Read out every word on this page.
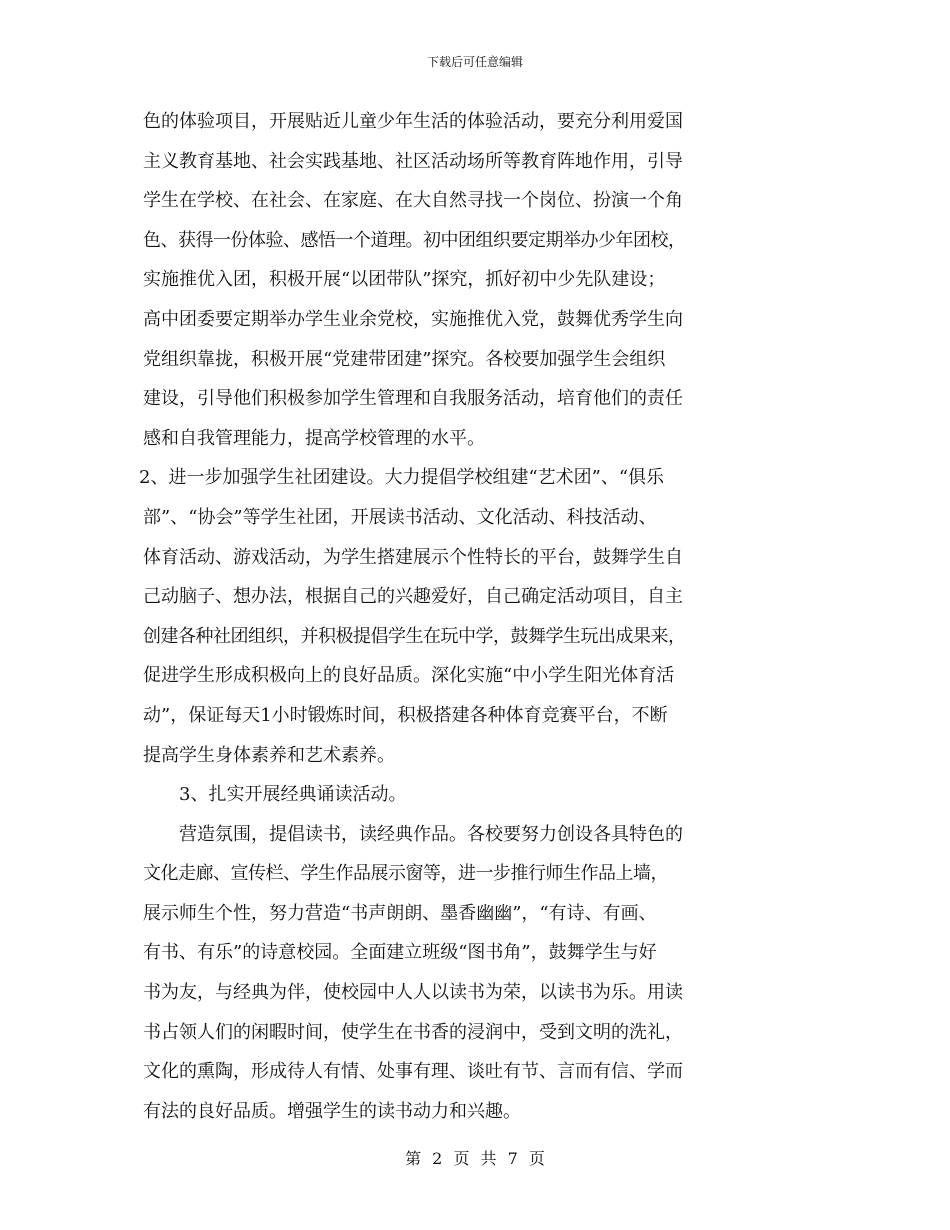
下载后可任意编辑
色的体验项目，开展贴近儿童少年生活的体验活动，要充分利用爱国
主义教育基地、社会实践基地、社区活动场所等教育阵地作用，引导
学生在学校、在社会、在家庭、在大自然寻找一个岗位、扮演一个角
色、获得一份体验、感悟一个道理。初中团组织要定期举办少年团校，
实施推优入团，积极开展“以团带队”探究，抓好初中少先队建设；
高中团委要定期举办学生业余党校，实施推优入党，鼓舞优秀学生向
党组织靠拢，积极开展“党建带团建”探究。各校要加强学生会组织
建设，引导他们积极参加学生管理和自我服务活动，培育他们的责任
感和自我管理能力，提高学校管理的水平。
2、进一步加强学生社团建设。大力提倡学校组建“艺术团”、“俱乐
部”、“协会”等学生社团，开展读书活动、文化活动、科技活动、
体育活动、游戏活动，为学生搭建展示个性特长的平台，鼓舞学生自
己动脑子、想办法，根据自己的兴趣爱好，自己确定活动项目，自主
创建各种社团组织，并积极提倡学生在玩中学，鼓舞学生玩出成果来，
促进学生形成积极向上的良好品质。深化实施“中小学生阳光体育活
动”，保证每天1小时锻炼时间，积极搭建各种体育竞赛平台，不断
提高学生身体素养和艺术素养。
3、扎实开展经典诵读活动。
营造氛围，提倡读书，读经典作品。各校要努力创设各具特色的
文化走廊、宣传栏、学生作品展示窗等，进一步推行师生作品上墙，
展示师生个性，努力营造“书声朗朗、墨香幽幽”，“有诗、有画、
有书、有乐”的诗意校园。全面建立班级“图书角”，鼓舞学生与好
书为友，与经典为伴，使校园中人人以读书为荣，以读书为乐。用读
书占领人们的闲暇时间，使学生在书香的浸润中，受到文明的洗礼，
文化的熏陶，形成待人有情、处事有理、谈吐有节、言而有信、学而
有法的良好品质。增强学生的读书动力和兴趣。
第 2 页 共 7 页
